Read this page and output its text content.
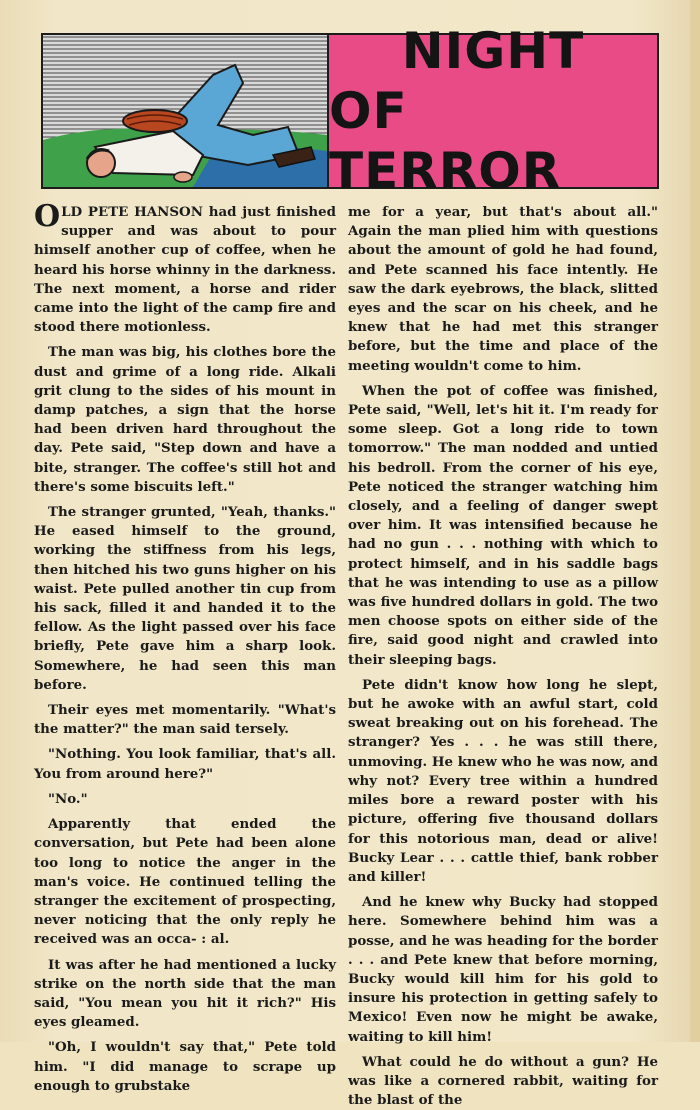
NIGHT
OF TERROR

OLD PETE HANSON had just finished supper and was about to pour himself another cup of coffee, when he heard his horse whinny in the darkness. The next moment, a horse and rider came into the light of the camp fire and stood there motionless.

The man was big, his clothes bore the dust and grime of a long ride. Alkali grit clung to the sides of his mount in damp patches, a sign that the horse had been driven hard throughout the day. Pete said, "Step down and have a bite, stranger. The coffee's still hot and there's some biscuits left."

The stranger grunted, "Yeah, thanks." He eased himself to the ground, working the stiffness from his legs, then hitched his two guns higher on his waist. Pete pulled another tin cup from his sack, filled it and handed it to the fellow. As the light passed over his face briefly, Pete gave him a sharp look. Somewhere, he had seen this man before.

Their eyes met momentarily. "What's the matter?" the man said tersely.

"Nothing. You look familiar, that's all. You from around here?"

"No."

Apparently that ended the conversation, but Pete had been alone too long to notice the anger in the man's voice. He continued telling the stranger the excitement of prospecting, never noticing that the only reply he received was an occa- : al.

It was after he had mentioned a lucky strike on the north side that the man said, "You mean you hit it rich?" His eyes gleamed.

"Oh, I wouldn't say that," Pete told him. "I did manage to scrape up enough to grubstake

me for a year, but that's about all." Again the man plied him with questions about the amount of gold he had found, and Pete scanned his face intently. He saw the dark eyebrows, the black, slitted eyes and the scar on his cheek, and he knew that he had met this stranger before, but the time and place of the meeting wouldn't come to him.

When the pot of coffee was finished, Pete said, "Well, let's hit it. I'm ready for some sleep. Got a long ride to town tomorrow." The man nodded and untied his bedroll. From the corner of his eye, Pete noticed the stranger watching him closely, and a feeling of danger swept over him. It was intensified because he had no gun . . . nothing with which to protect himself, and in his saddle bags that he was intending to use as a pillow was five hundred dollars in gold. The two men choose spots on either side of the fire, said good night and crawled into their sleeping bags.

Pete didn't know how long he slept, but he awoke with an awful start, cold sweat breaking out on his forehead. The stranger? Yes . . . he was still there, unmoving. He knew who he was now, and why not? Every tree within a hundred miles bore a reward poster with his picture, offering five thousand dollars for this notorious man, dead or alive! Bucky Lear . . . cattle thief, bank robber and killer!

And he knew why Bucky had stopped here. Somewhere behind him was a posse, and he was heading for the border . . . and Pete knew that before morning, Bucky would kill him for his gold to insure his protection in getting safely to Mexico! Even now he might be awake, waiting to kill him!

What could he do without a gun? He was like a cornered rabbit, waiting for the blast of the
